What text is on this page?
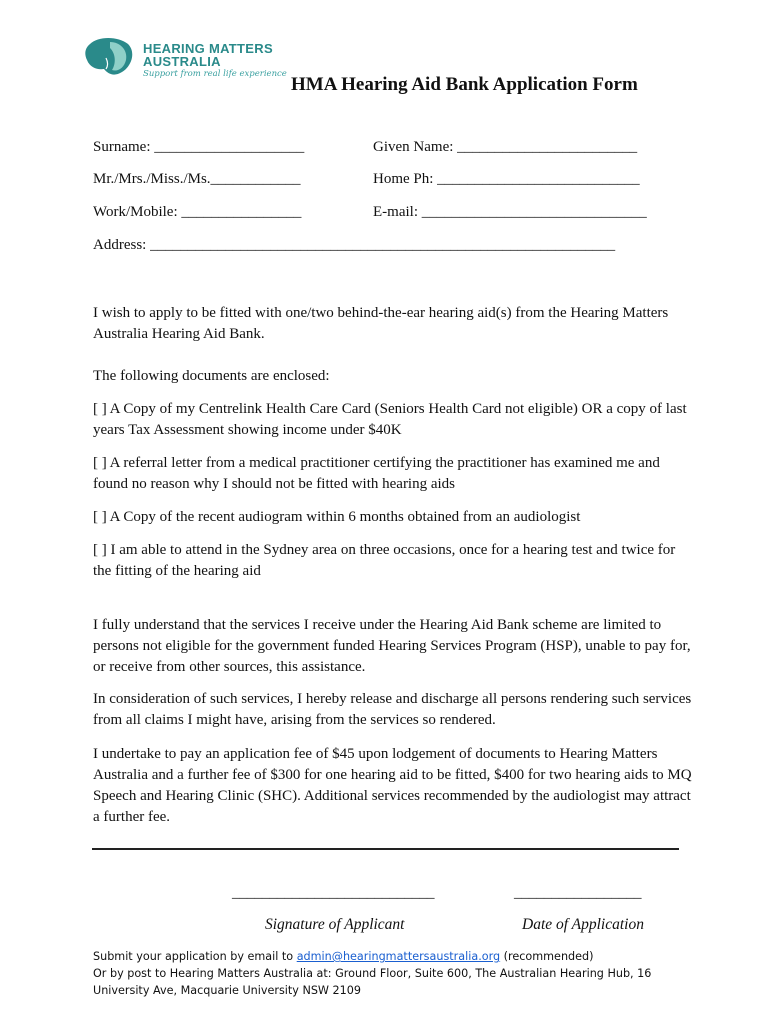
HEARING MATTERS
AUSTRALIA
Support from real life experience HMA Hearing Aid Bank Application Form
Surname: ____________________	Given Name: ________________________
Mr./Mrs./Miss./Ms.____________	Home Ph: ___________________________
Work/Mobile: ________________	E-mail: ______________________________
Address: ______________________________________________________________

I wish to apply to be fitted with one/two behind-the-ear hearing aid(s) from the Hearing Matters Australia Hearing Aid Bank.

The following documents are enclosed:

[ ] A Copy of my Centrelink Health Care Card (Seniors Health Card not eligible) OR a copy of last years Tax Assessment showing income under $40K

[ ] A referral letter from a medical practitioner certifying the practitioner has examined me and found no reason why I should not be fitted with hearing aids

[ ] A Copy of the recent audiogram within 6 months obtained from an audiologist

[ ] I am able to attend in the Sydney area on three occasions, once for a hearing test and twice for the fitting of the hearing aid

I fully understand that the services I receive under the Hearing Aid Bank scheme are limited to persons not eligible for the government funded Hearing Services Program (HSP), unable to pay for, or receive from other sources, this assistance.

In consideration of such services, I hereby release and discharge all persons rendering such services from all claims I might have, arising from the services so rendered.

I undertake to pay an application fee of $45 upon lodgement of documents to Hearing Matters Australia and a further fee of $300 for one hearing aid to be fitted, $400 for two hearing aids to MQ Speech and Hearing Clinic (SHC). Additional services recommended by the audiologist may attract a further fee.

___________________________	_________________
Signature of Applicant	Date of Application
Submit your application by email to admin@hearingmattersaustralia.org (recommended)
Or by post to Hearing Matters Australia at: Ground Floor, Suite 600, The Australian Hearing Hub, 16 University Ave, Macquarie University NSW 2109
